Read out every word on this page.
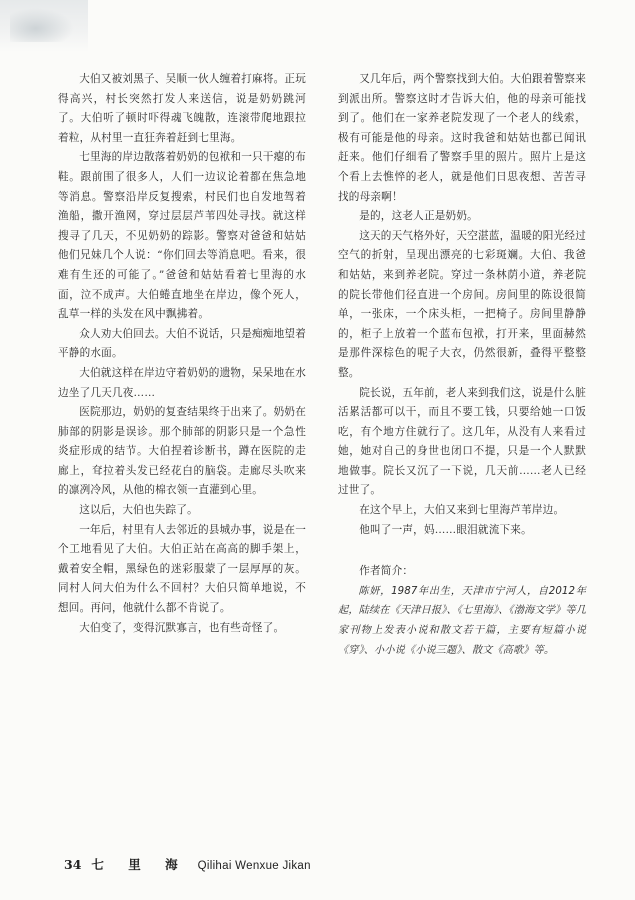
大伯又被刘黑子、吴顺一伙人缠着打麻将。正玩得高兴，村长突然打发人来送信，说是奶奶跳河了。大伯听了顿时吓得魂飞魄散，连滚带爬地跟拉着粒，从村里一直狂奔着赶到七里海。

七里海的岸边散落着奶奶的包袱和一只干瘪的布鞋。跟前围了很多人，人们一边议论着都在焦急地等消息。警察沿岸反复搜索，村民们也自发地驾着渔船，撒开渔网，穿过层层芦苇四处寻找。就这样搜寻了几天，不见奶奶的踪影。警察对爸爸和姑姑他们兄妹几个人说：“你们回去等消息吧。看来，很难有生还的可能了。”爸爸和姑姑看着七里海的水面，泣不成声。大伯蜷直地坐在岸边，像个死人，乱草一样的头发在风中飘拂着。

众人劝大伯回去。大伯不说话，只是痴痴地望着平静的水面。

大伯就这样在岸边守着奶奶的遗物，呆呆地在水边坐了几天几夜……

医院那边，奶奶的复查结果终于出来了。奶奶在肺部的阴影是误诊。那个肺部的阴影只是一个急性炎症形成的结节。大伯捏着诊断书，蹲在医院的走廊上，耷拉着头发已经花白的脑袋。走廊尽头吹来的凛冽冷风，从他的棉衣领一直灌到心里。

这以后，大伯也失踪了。

一年后，村里有人去邻近的县城办事，说是在一个工地看见了大伯。大伯正站在高高的脚手架上，戴着安全帽，黑绿色的迷彩服蒙了一层厚厚的灰。同村人问大伯为什么不回村？大伯只简单地说，不想回。再问，他就什么都不肯说了。

大伯变了，变得沉默寡言，也有些奇怪了。

又几年后，两个警察找到大伯。大伯跟着警察来到派出所。警察这时才告诉大伯，他的母亲可能找到了。他们在一家养老院发现了一个老人的线索，极有可能是他的母亲。这时我爸和姑姑也都已闻讯赶来。他们仔细看了警察手里的照片。照片上是这个看上去憔悴的老人，就是他们日思夜想、苦苦寻找的母亲啊！

是的，这老人正是奶奶。

这天的天气格外好，天空湛蓝，温暖的阳光经过空气的折射，呈现出漂亮的七彩斑斓。大伯、我爸和姑姑，来到养老院。穿过一条林荫小道，养老院的院长带他们径直进一个房间。房间里的陈设很简单，一张床，一个床头柜，一把椅子。房间里静静的，柜子上放着一个蓝布包袱，打开来，里面赫然是那件深棕色的呢子大衣，仍然很新，叠得平整整整。

院长说，五年前，老人来到我们这，说是什么脏活累活都可以干，而且不要工钱，只要给她一口饭吃，有个地方住就行了。这几年，从没有人来看过她，她对自己的身世也闭口不提，只是一个人默默地做事。院长又沉了一下说，几天前……老人已经过世了。

在这个早上，大伯又来到七里海芦苇岸边。

他叫了一声，妈……眼泪就流下来。

作者简介：

陈妍，1987年出生，天津市宁河人，自2012年起，陆续在《天津日报》、《七里海》、《渤海文学》等几家刊物上发表小说和散文若干篇，主要有短篇小说《穿》、小小说《小说三题》、散文《高歌》等。

34 七 里 海 Qilihai Wenxue Jikan
